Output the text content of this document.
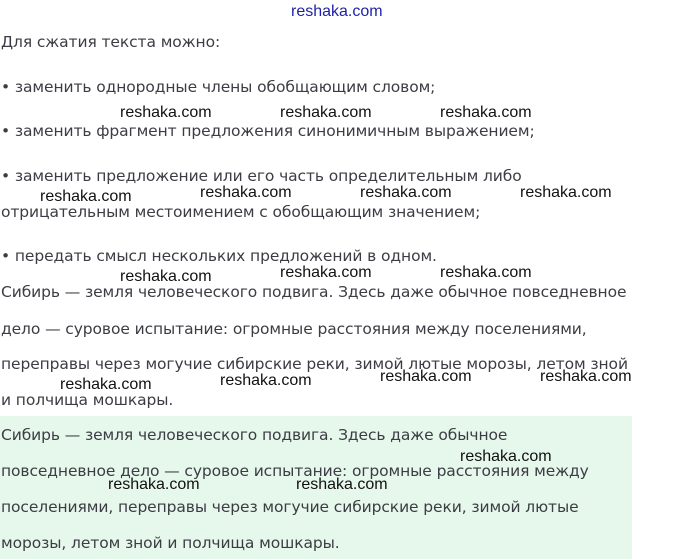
reshaka.com
Для сжатия текста можно:
• заменить однородные члены обобщающим словом;
• заменить фрагмент предложения синонимичным выражением;
• заменить предложение или его часть определительным либо
отрицательным местоимением с обобщающим значением;
• передать смысл нескольких предложений в одном.
Сибирь — земля человеческого подвига. Здесь даже обычное повседневное
дело — суровое испытание: огромные расстояния между поселениями,
переправы через могучие сибирские реки, зимой лютые морозы, летом зной
и полчища мошкары.
Сибирь — земля человеческого подвига. Здесь даже обычное
повседневное дело — суровое испытание: огромные расстояния между
поселениями, переправы через могучие сибирские реки, зимой лютые
морозы, летом зной и полчища мошкары.
reshaka.com	reshaka.com	reshaka.com
reshaka.com	reshaka.com	reshaka.com	reshaka.com
reshaka.com	reshaka.com	reshaka.com
reshaka.com	reshaka.com	reshaka.com	reshaka.com
reshaka.com
reshaka.com	reshaka.com
